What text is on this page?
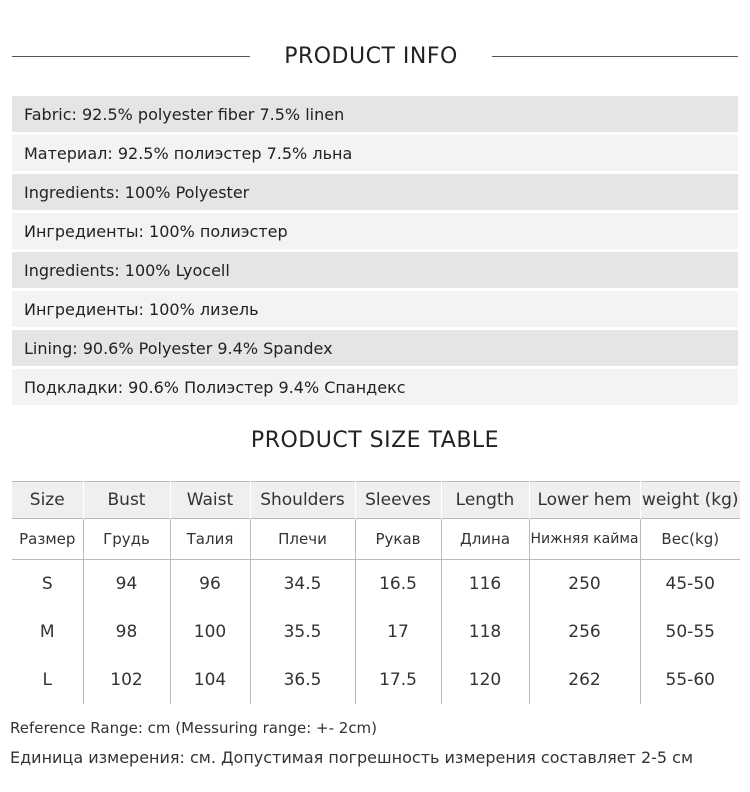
PRODUCT INFO
Fabric: 92.5% polyester fiber 7.5% linen
Материал: 92.5% полиэстер 7.5% льна
Ingredients: 100% Polyester
Ингредиенты: 100% полиэстер
Ingredients: 100% Lyocell
Ингредиенты: 100% лизель
Lining: 90.6% Polyester 9.4% Spandex
Подкладки: 90.6% Полиэстер 9.4% Спандекс
PRODUCT SIZE TABLE
Size	Bust	Waist	Shoulders	Sleeves	Length	Lower hem	weight (kg)
Размер	Грудь	Талия	Плечи	Рукав	Длина	Нижняя кайма	Вес(kg)
S	94	96	34.5	16.5	116	250	45-50
M	98	100	35.5	17	118	256	50-55
L	102	104	36.5	17.5	120	262	55-60
Reference Range: cm (Messuring range: +- 2cm)
Единица измерения: см. Допустимая погрешность измерения составляет 2-5 см
